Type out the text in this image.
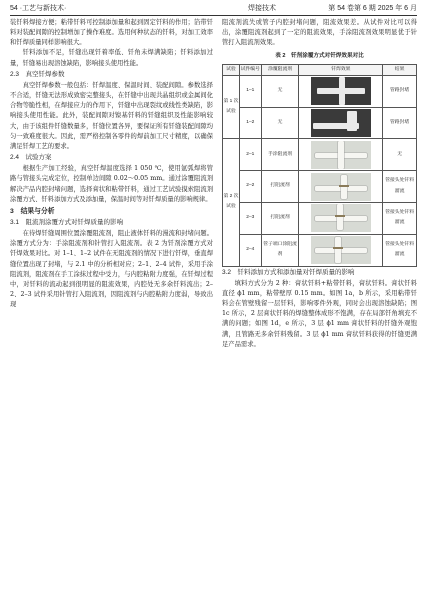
54 ·工艺与新技术·	焊接技术	第 54 卷第 6 期 2025 年 6 月

装钎料焊接方便；粘带钎料可控制添加量和起到固定钎料的作用；箔带钎料对装配间隙的控制增加了操作难度。选用何种状态的钎料，对加工效率和钎焊质量同样影响很大。

钎料添加不足，钎缝出现钎着率低、钎角未焊满缺陷；钎料添加过量，钎缝易出现溶蚀缺陷，影响接头使用性能。

2.3　真空钎焊参数

真空钎焊参数一般包括：钎焊温度、保温时间、装配间隙。参数选择不合适，钎缝无法形成致密完整接头，在钎缝中出现共晶组织或金属间化合物等脆性相，在焊接应力的作用下，钎缝中出现裂纹或线性类缺陷，影响接头使用性能。此外，装配间隙对镍基钎料的钎缝组织及性能影响较大，由于该组件钎缝数量多，钎缝位置各异，要保证所有钎缝装配间隙均匀一致难度很大。因此，需严格控制各零件的焊前加工尺寸精度，以确保满足钎焊工艺的要求。

2.4　试验方案

根据生产加工经验，真空钎焊温度选择 1 050 ℃，使用氩弧焊将管路与管接头完成定位，控制单边间隙 0.02～0.05 mm。通过涂覆阻流剂解决产品内腔封堵问题，选择膏状和粘带钎料，通过工艺试验摸索阻流剂涂覆方式、钎料添加方式及添加量，保温时间等对钎焊质量的影响规律。

3　结果与分析
3.1　阻流剂涂覆方式对钎焊质量的影响

在待焊钎缝周围位置涂覆阻流剂，阻止液体钎料的漫流和封堵问题。涂覆方式分为：手涂阻流剂和针管打入阻流剂。表 2 为钎剂涂覆方式对钎焊效果对比。对 1–1、1–2 试件在无阻流剂的情况下进行钎焊，垂直焊缝位置出现了封堵，与 2.1 中的分析相对应；2–1、2–4 试件，采用手涂阻流剂，阻流剂在手工涂抹过程中受力，与内腔粘附力度强，在钎焊过程中，对钎料的流动起到很明显的阻流效果，内腔处无多余钎料流出；2–2、2–3 试件采用针管打入阻流剂，因阻流剂与内腔粘附力度弱，导致出现

阻流剂流失或管子内腔封堵问题，阻流效果差。从试件对比可以得出，涂覆阻流剂起到了一定的阻流效果，手涂阻流剂效果明显优于针管打入阻流剂效果。

表 2　钎剂涂覆方式对钎焊效果对比
试验	试件编号	涂覆阻流剂	钎焊效果	结果
第 1 次试验	1–1	无		管路封堵
	1–2	无		管路封堵
第 2 次试验	2–1	手涂阻流剂		无
	2–2	打阻流剂		管接头处钎料溜流
	2–3	打阻流剂		管接头处钎料溜流
	2–4	管子端口涂阻流剂		管接头处钎料溜流
3.2　钎料添加方式和添加量对钎焊质量的影响

填料方式分为 2 种：膏状钎料+粘带钎料，膏状钎料。膏状钎料直径 ϕ1 mm，粘带壁厚 0.15 mm。如图 1a，b 所示，采用粘带钎料会在管壁残留一层钎料，影响零件外观，同时会出现溶蚀缺陷；图 1c 所示，2 层膏状钎料的焊缝整体成形不饱满，存在局部钎角填充不满的问题；如图 1d，e 所示，3 层 ϕ1 mm 膏状钎料的钎缝外观饱满，且管路无多余钎料残留。3 层 ϕ1 mm 膏状钎料获得的钎缝更满足产品需求。
